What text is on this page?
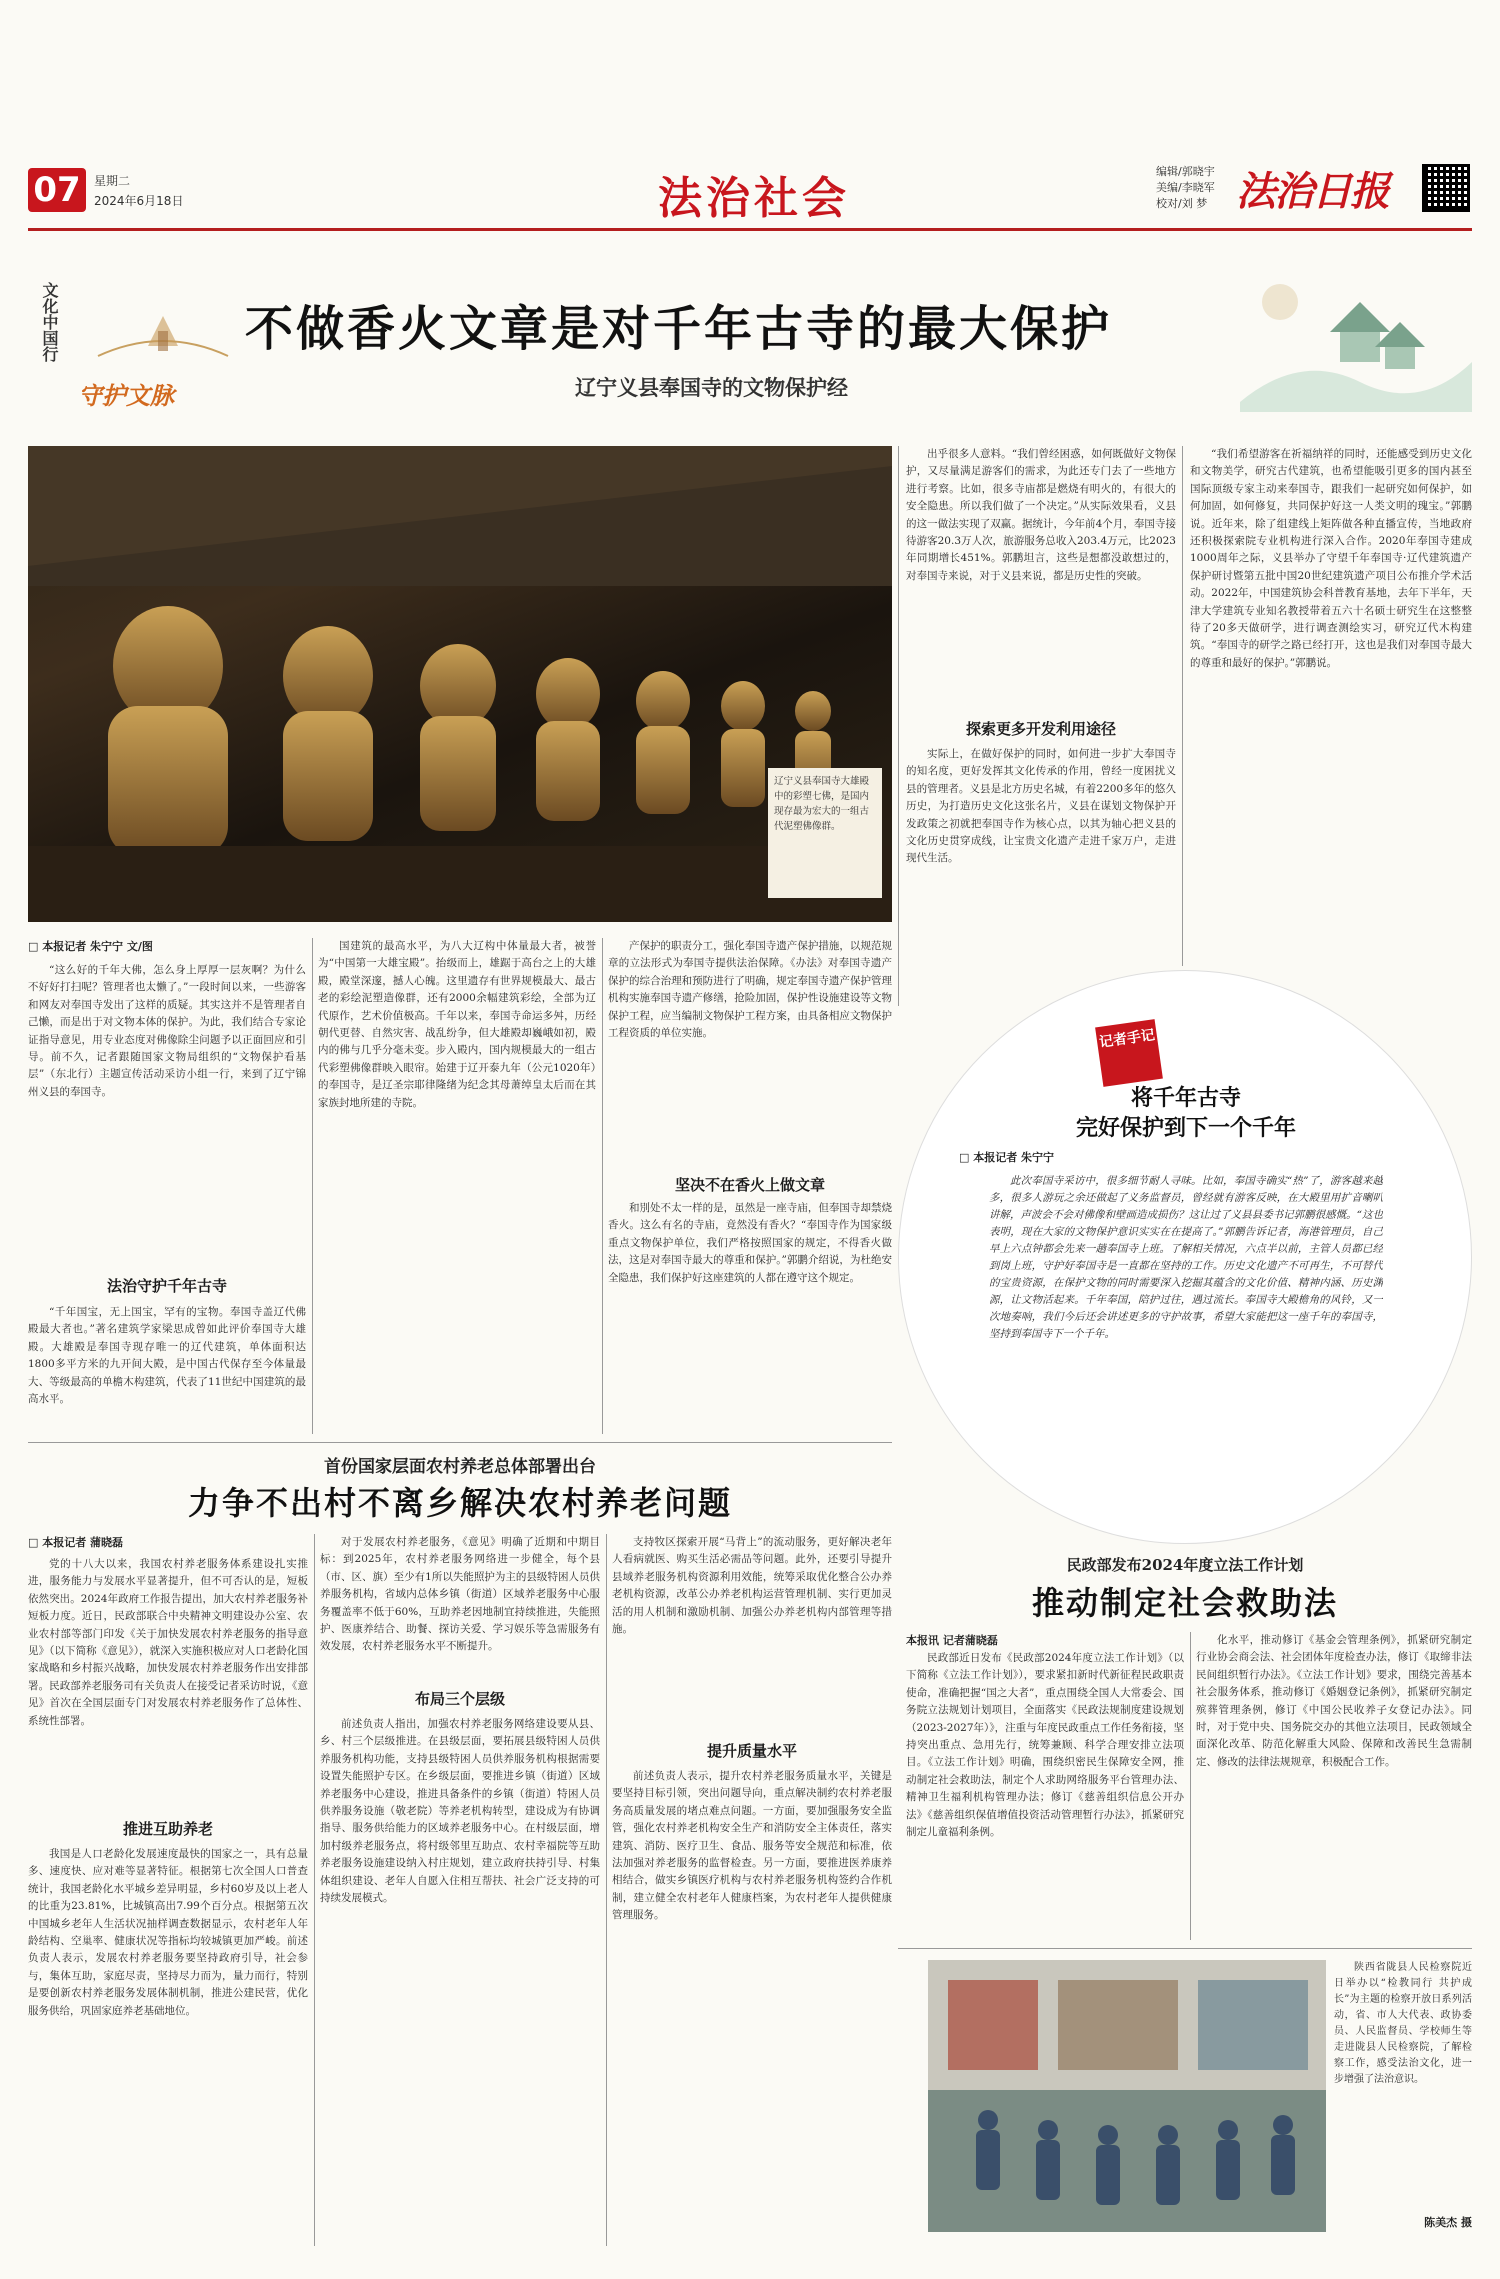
07	星期二
2024年6月18日	法治社会
编辑/郭晓宇
美编/李晓军
校对/刘 梦 法治日报
文化中国行
守护文脉
不做香火文章是对千年古寺的最大保护
辽宁义县奉国寺的文物保护经
辽宁义县奉国寺大雄殿中的彩塑七佛，是国内现存最为宏大的一组古代泥塑佛像群。
□ 本报记者 朱宁宁 文/图

“这么好的千年大佛，怎么身上厚厚一层灰啊？为什么不好好打扫呢？管理者也太懒了。”一段时间以来，一些游客和网友对奉国寺发出了这样的质疑。其实这并不是管理者自己懒，而是出于对文物本体的保护。为此，我们结合专家论证指导意见，用专业态度对佛像除尘问题予以正面回应和引导。前不久，记者跟随国家文物局组织的“文物保护看基层”（东北行）主题宣传活动采访小组一行，来到了辽宁锦州义县的奉国寺。

法治守护千年古寺

“千年国宝，无上国宝，罕有的宝物。奉国寺盖辽代佛殿最大者也。”著名建筑学家梁思成曾如此评价奉国寺大雄殿。大雄殿是奉国寺现存唯一的辽代建筑，单体面积达1800多平方米的九开间大殿，是中国古代保存至今体量最大、等级最高的单檐木构建筑，代表了11世纪中国建筑的最高水平。

国建筑的最高水平，为八大辽构中体量最大者，被誉为“中国第一大雄宝殿”。抬级而上，雄踞于高台之上的大雄殿，殿堂深邃，撼人心魄。这里遗存有世界规模最大、最古老的彩绘泥塑造像群，还有2000余幅建筑彩绘，全部为辽代原作，艺术价值极高。千年以来，奉国寺命运多舛，历经朝代更替、自然灾害、战乱纷争，但大雄殿却巍峨如初，殿内的佛与几乎分毫未变。步入殿内，国内规模最大的一组古代彩塑佛像群映入眼帘。始建于辽开泰九年（公元1020年）的奉国寺，是辽圣宗耶律隆绪为纪念其母萧绰皇太后而在其家族封地所建的寺院。

产保护的职责分工，强化奉国寺遗产保护措施，以规范规章的立法形式为奉国寺提供法治保障。《办法》对奉国寺遗产保护的综合治理和预防进行了明确，规定奉国寺遗产保护管理机构实施奉国寺遗产修缮，抢险加固，保护性设施建设等文物保护工程，应当编制文物保护工程方案，由具备相应文物保护工程资质的单位实施。

坚决不在香火上做文章

和別处不太一样的是，虽然是一座寺庙，但奉国寺却禁烧香火。这么有名的寺庙，竟然没有香火？“奉国寺作为国家级重点文物保护单位，我们严格按照国家的规定，不得香火做法，这是对奉国寺最大的尊重和保护。”郭鹏介绍说，为杜绝安全隐患，我们保护好这座建筑的人都在遵守这个规定。

出乎很多人意料。“我们曾经困惑，如何既做好文物保护，又尽量满足游客们的需求，为此还专门去了一些地方进行考察。比如，很多寺庙都是燃烧有明火的，有很大的安全隐患。所以我们做了一个决定。”从实际效果看，义县的这一做法实现了双赢。据统计，今年前4个月，奉国寺接待游客20.3万人次，旅游服务总收入203.4万元，比2023年同期增长451%。郭鹏坦言，这些是想都没敢想过的，对奉国寺来说，对于义县来说，都是历史性的突破。

探索更多开发利用途径

实际上，在做好保护的同时，如何进一步扩大奉国寺的知名度，更好发挥其文化传承的作用，曾经一度困扰义县的管理者。义县是北方历史名城，有着2200多年的悠久历史，为打造历史文化这张名片，义县在谋划文物保护开发政策之初就把奉国寺作为核心点，以其为轴心把义县的文化历史贯穿成线，让宝贵文化遗产走进千家万户，走进现代生活。

“我们希望游客在祈福纳祥的同时，还能感受到历史文化和文物美学，研究古代建筑，也希望能吸引更多的国内甚至国际顶级专家主动来奉国寺，跟我们一起研究如何保护，如何加固，如何修复，共同保护好这一人类文明的瑰宝。”郭鹏说。近年来，除了组建线上矩阵做各种直播宣传，当地政府还积极探索院专业机构进行深入合作。2020年奉国寺建成1000周年之际，义县举办了守望千年奉国寺·辽代建筑遗产保护研讨暨第五批中国20世纪建筑遗产项目公布推介学术活动。2022年，中国建筑协会科普教育基地，去年下半年，天津大学建筑专业知名教授带着五六十名硕士研究生在这整整待了20多天做研学，进行调查测绘实习，研究辽代木构建筑。“奉国寺的研学之路已经打开，这也是我们对奉国寺最大的尊重和最好的保护。”郭鹏说。

记者手记
将千年古寺
完好保护到下一个千年
□ 本报记者 朱宁宁

此次奉国寺采访中，很多细节耐人寻味。比如，奉国寺确实“热”了，游客越来越多，很多人游玩之余还做起了义务监督员，曾经就有游客反映，在大殿里用扩音喇叭讲解，声波会不会对佛像和壁画造成损伤？这让过了义县县委书记郭鹏很感慨。“这也表明，现在大家的文物保护意识实实在在提高了。”郭鹏告诉记者，海港管理员，自己早上六点钟都会先来一趟奉国寺上班。了解相关情况，六点半以前，主管人员都已经到岗上班，守护好奉国寺是一直都在坚持的工作。历史文化遗产不可再生，不可替代的宝贵资源，在保护文物的同时需要深入挖掘其蕴含的文化价值、精神内涵、历史渊源，让文物活起来。千年奉国，陪护过往，遇过流长。奉国寺大殿檐角的风铃，又一次地奏响，我们今后还会讲述更多的守护故事，希望大家能把这一座千年的奉国寺，坚持到奉国寺下一个千年。

首份国家层面农村养老总体部署出台
力争不出村不离乡解决农村养老问题
□ 本报记者 蒲晓磊

党的十八大以来，我国农村养老服务体系建设扎实推进，服务能力与发展水平显著提升，但不可否认的是，短板依然突出。2024年政府工作报告提出，加大农村养老服务补短板力度。近日，民政部联合中央精神文明建设办公室、农业农村部等部门印发《关于加快发展农村养老服务的指导意见》（以下简称《意见》），就深入实施积极应对人口老龄化国家战略和乡村振兴战略，加快发展农村养老服务作出安排部署。民政部养老服务司有关负责人在接受记者采访时说，《意见》首次在全国层面专门对发展农村养老服务作了总体性、系统性部署。

推进互助养老

我国是人口老龄化发展速度最快的国家之一，具有总量多、速度快、应对难等显著特征。根据第七次全国人口普查统计，我国老龄化水平城乡差异明显，乡村60岁及以上老人的比重为23.81%，比城镇高出7.99个百分点。根据第五次中国城乡老年人生活状况抽样调查数据显示，农村老年人年龄结构、空巢率、健康状况等指标均较城镇更加严峻。前述负责人表示，发展农村养老服务要坚持政府引导，社会参与，集体互助，家庭尽责，坚持尽力而为，量力而行，特别是要创新农村养老服务发展体制机制，推进公建民营，优化服务供给，巩固家庭养老基础地位。

对于发展农村养老服务，《意见》明确了近期和中期目标：到2025年，农村养老服务网络进一步健全，每个县（市、区、旗）至少有1所以失能照护为主的县级特困人员供养服务机构，省域内总体乡镇（街道）区域养老服务中心服务覆盖率不低于60%，互助养老因地制宜持续推进，失能照护、医康养结合、助餐、探访关爱、学习娱乐等急需服务有效发展，农村养老服务水平不断提升。

布局三个层级

前述负责人指出，加强农村养老服务网络建设要从县、乡、村三个层级推进。在县级层面，要拓展县级特困人员供养服务机构功能，支持县级特困人员供养服务机构根据需要设置失能照护专区。在乡级层面，要推进乡镇（街道）区域养老服务中心建设，推进具备条件的乡镇（街道）特困人员供养服务设施（敬老院）等养老机构转型，建设成为有协调指导、服务供给能力的区域养老服务中心。在村级层面，增加村级养老服务点，将村级邻里互助点、农村幸福院等互助养老服务设施建设纳入村庄规划，建立政府扶持引导、村集体组织建设、老年人自愿入住相互帮扶、社会广泛支持的可持续发展模式。

支持牧区探索开展“马背上”的流动服务，更好解决老年人看病就医、购买生活必需品等问题。此外，还要引导提升县域养老服务机构资源利用效能，统筹采取优化整合公办养老机构资源，改革公办养老机构运营管理机制、实行更加灵活的用人机制和激励机制、加强公办养老机构内部管理等措施。

提升质量水平

前述负责人表示，提升农村养老服务质量水平，关键是要坚持目标引领，突出问题导向，重点解决制约农村养老服务高质量发展的堵点难点问题。一方面，要加强服务安全监管，强化农村养老机构安全生产和消防安全主体责任，落实建筑、消防、医疗卫生、食品、服务等安全规范和标准，依法加强对养老服务的监督检查。另一方面，要推进医养康养相结合，做实乡镇医疗机构与农村养老服务机构签约合作机制，建立健全农村老年人健康档案，为农村老年人提供健康管理服务。

民政部发布2024年度立法工作计划
推动制定社会救助法
本报讯 记者蒲晓磊

民政部近日发布《民政部2024年度立法工作计划》（以下简称《立法工作计划》），要求紧扣新时代新征程民政职责使命，准确把握“国之大者”，重点围绕全国人大常委会、国务院立法规划计划项目，全面落实《民政法规制度建设规划（2023-2027年）》，注重与年度民政重点工作任务衔接，坚持突出重点、急用先行，统筹兼顾、科学合理安排立法项目。《立法工作计划》明确，围绕织密民生保障安全网，推动制定社会救助法，制定个人求助网络服务平台管理办法、精神卫生福利机构管理办法；修订《慈善组织信息公开办法》《慈善组织保值增值投资活动管理暂行办法》，抓紧研究制定儿童福利条例。

化水平，推动修订《基金会管理条例》，抓紧研究制定行业协会商会法、社会团体年度检查办法，修订《取缔非法民间组织暂行办法》。《立法工作计划》要求，围绕完善基本社会服务体系，推动修订《婚姻登记条例》，抓紧研究制定殡葬管理条例，修订《中国公民收养子女登记办法》。同时，对于党中央、国务院交办的其他立法项目，民政领域全面深化改革、防范化解重大风险、保障和改善民生急需制定、修改的法律法规规章，积极配合工作。

陕西省陇县人民检察院近日举办以“检教同行 共护成长”为主题的检察开放日系列活动，省、市人大代表、政协委员、人民监督员、学校师生等走进陇县人民检察院，了解检察工作，感受法治文化，进一步增强了法治意识。

陈美杰 摄
